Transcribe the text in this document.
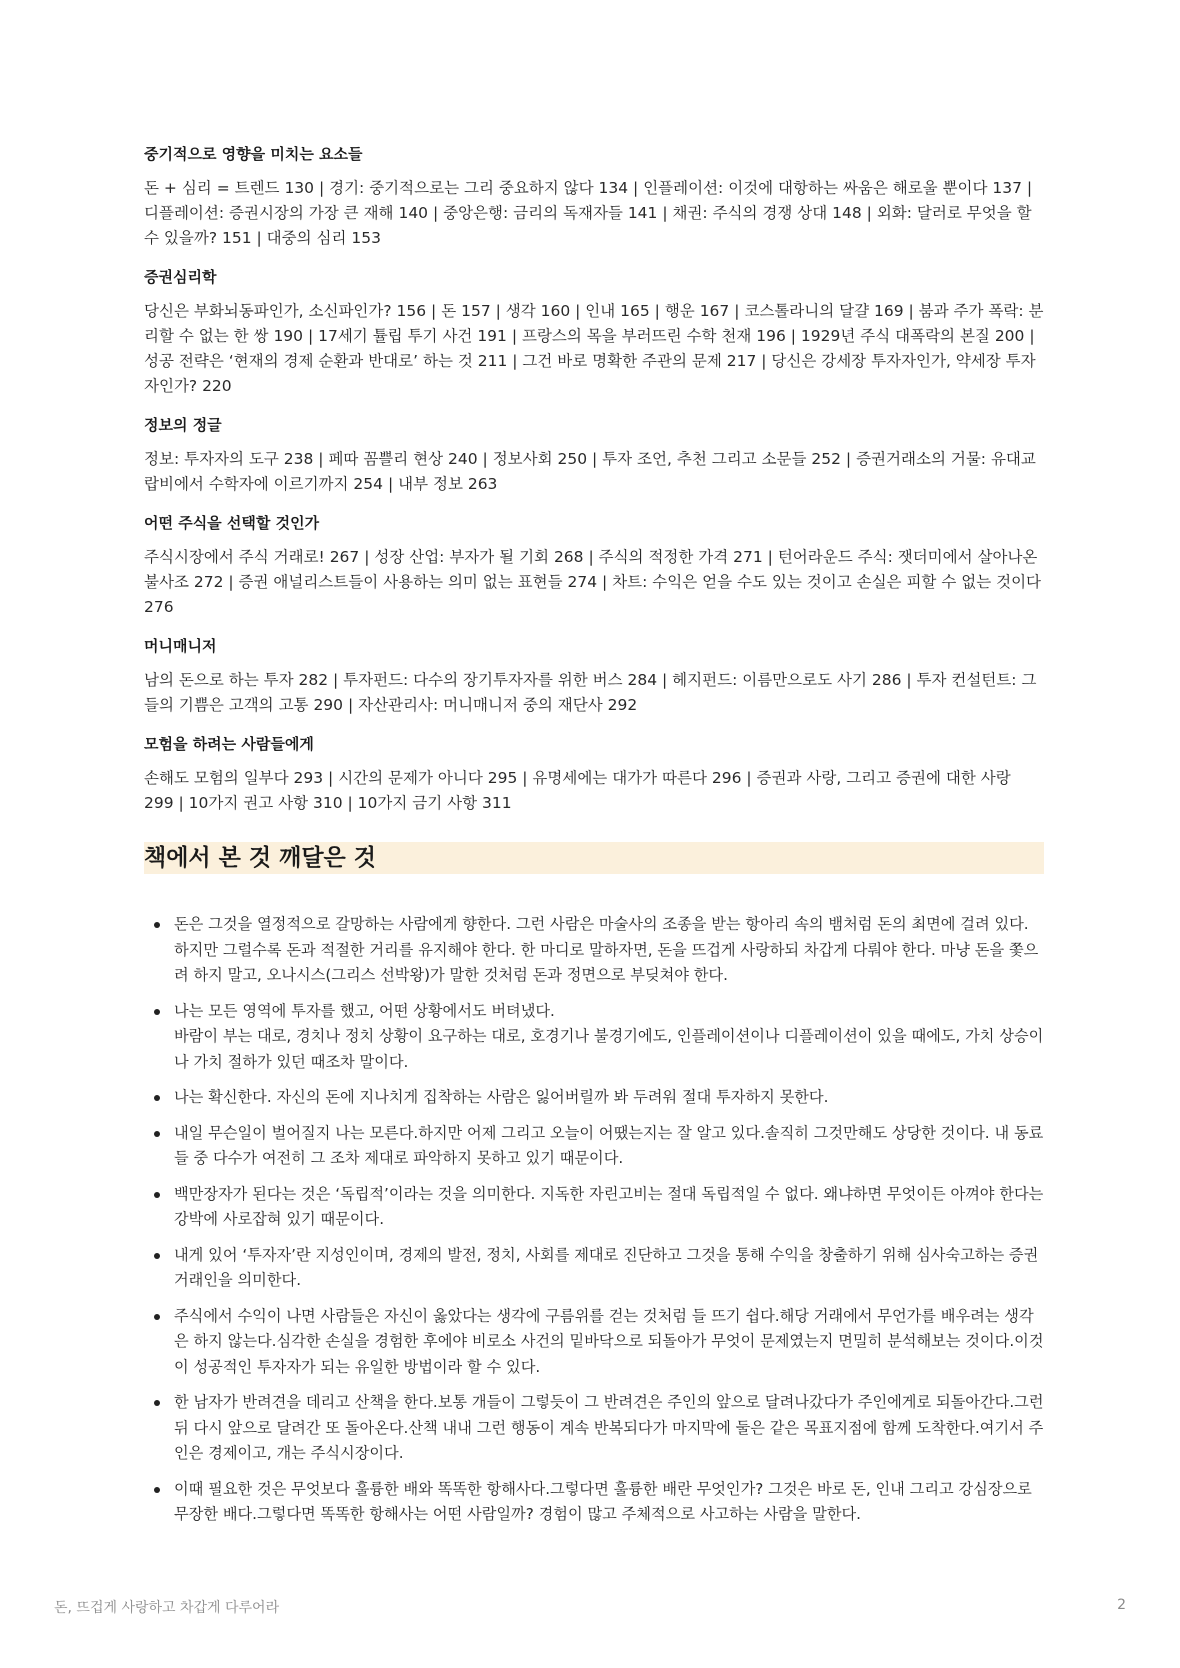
중기적으로 영향을 미치는 요소들

돈 + 심리 = 트렌드 130 | 경기: 중기적으로는 그리 중요하지 않다 134 | 인플레이션: 이것에 대항하는 싸움은 해로울 뿐이다 137 | 디플레이션: 증권시장의 가장 큰 재해 140 | 중앙은행: 금리의 독재자들 141 | 채권: 주식의 경쟁 상대 148 | 외화: 달러로 무엇을 할 수 있을까? 151 | 대중의 심리 153

증권심리학

당신은 부화뇌동파인가, 소신파인가? 156 | 돈 157 | 생각 160 | 인내 165 | 행운 167 | 코스톨라니의 달걀 169 | 붐과 주가 폭락: 분리할 수 없는 한 쌍 190 | 17세기 튤립 투기 사건 191 | 프랑스의 목을 부러뜨린 수학 천재 196 | 1929년 주식 대폭락의 본질 200 | 성공 전략은 ‘현재의 경제 순환과 반대로’ 하는 것 211 | 그건 바로 명확한 주관의 문제 217 | 당신은 강세장 투자자인가, 약세장 투자자인가? 220

정보의 정글

정보: 투자자의 도구 238 | 페따 꼼쁠리 현상 240 | 정보사회 250 | 투자 조언, 추천 그리고 소문들 252 | 증권거래소의 거물: 유대교 랍비에서 수학자에 이르기까지 254 | 내부 정보 263

어떤 주식을 선택할 것인가

주식시장에서 주식 거래로! 267 | 성장 산업: 부자가 될 기회 268 | 주식의 적정한 가격 271 | 턴어라운드 주식: 잿더미에서 살아나온 불사조 272 | 증권 애널리스트들이 사용하는 의미 없는 표현들 274 | 차트: 수익은 얻을 수도 있는 것이고 손실은 피할 수 없는 것이다 276

머니매니저

남의 돈으로 하는 투자 282 | 투자펀드: 다수의 장기투자자를 위한 버스 284 | 헤지펀드: 이름만으로도 사기 286 | 투자 컨설턴트: 그들의 기쁨은 고객의 고통 290 | 자산관리사: 머니매니저 중의 재단사 292

모험을 하려는 사람들에게

손해도 모험의 일부다 293 | 시간의 문제가 아니다 295 | 유명세에는 대가가 따른다 296 | 증권과 사랑, 그리고 증권에 대한 사랑 299 | 10가지 권고 사항 310 | 10가지 금기 사항 311

책에서 본 것 깨달은 것
돈은 그것을 열정적으로 갈망하는 사람에게 향한다. 그런 사람은 마술사의 조종을 받는 항아리 속의 뱀처럼 돈의 최면에 걸려 있다. 하지만 그럴수록 돈과 적절한 거리를 유지해야 한다. 한 마디로 말하자면, 돈을 뜨겁게 사랑하되 차갑게 다뤄야 한다. 마냥 돈을 쫓으려 하지 말고, 오나시스(그리스 선박왕)가 말한 것처럼 돈과 정면으로 부딪쳐야 한다.
나는 모든 영역에 투자를 했고, 어떤 상황에서도 버텨냈다.
바람이 부는 대로, 경치나 정치 상황이 요구하는 대로, 호경기나 불경기에도, 인플레이션이나 디플레이션이 있을 때에도, 가치 상승이나 가치 절하가 있던 때조차 말이다.
나는 확신한다. 자신의 돈에 지나치게 집착하는 사람은 잃어버릴까 봐 두려워 절대 투자하지 못한다.
내일 무슨일이 벌어질지 나는 모른다.하지만 어제 그리고 오늘이 어땠는지는 잘 알고 있다.솔직히 그것만해도 상당한 것이다. 내 동료들 중 다수가 여전히 그 조차 제대로 파악하지 못하고 있기 때문이다.
백만장자가 된다는 것은 ‘독립적’이라는 것을 의미한다. 지독한 자린고비는 절대 독립적일 수 없다. 왜냐하면 무엇이든 아껴야 한다는 강박에 사로잡혀 있기 때문이다.
내게 있어 ‘투자자’란 지성인이며, 경제의 발전, 정치, 사회를 제대로 진단하고 그것을 통해 수익을 창출하기 위해 심사숙고하는 증권거래인을 의미한다.
주식에서 수익이 나면 사람들은 자신이 옳았다는 생각에 구름위를 걷는 것처럼 들 뜨기 쉽다.해당 거래에서 무언가를 배우려는 생각은 하지 않는다.심각한 손실을 경험한 후에야 비로소 사건의 밑바닥으로 되돌아가 무엇이 문제였는지 면밀히 분석해보는 것이다.이것이 성공적인 투자자가 되는 유일한 방법이라 할 수 있다.
한 남자가 반려견을 데리고 산책을 한다.보통 개들이 그렇듯이 그 반려견은 주인의 앞으로 달려나갔다가 주인에게로 되돌아간다.그런 뒤 다시 앞으로 달려간 또 돌아온다.산책 내내 그런 행동이 계속 반복되다가 마지막에 둘은 같은 목표지점에 함께 도착한다.여기서 주인은 경제이고, 개는 주식시장이다.
이때 필요한 것은 무엇보다 훌륭한 배와 똑똑한 항해사다.그렇다면 훌륭한 배란 무엇인가? 그것은 바로 돈, 인내 그리고 강심장으로 무장한 배다.그렇다면 똑똑한 항해사는 어떤 사람일까? 경험이 많고 주체적으로 사고하는 사람을 말한다.
돈, 뜨겁게 사랑하고 차갑게 다루어라	2
